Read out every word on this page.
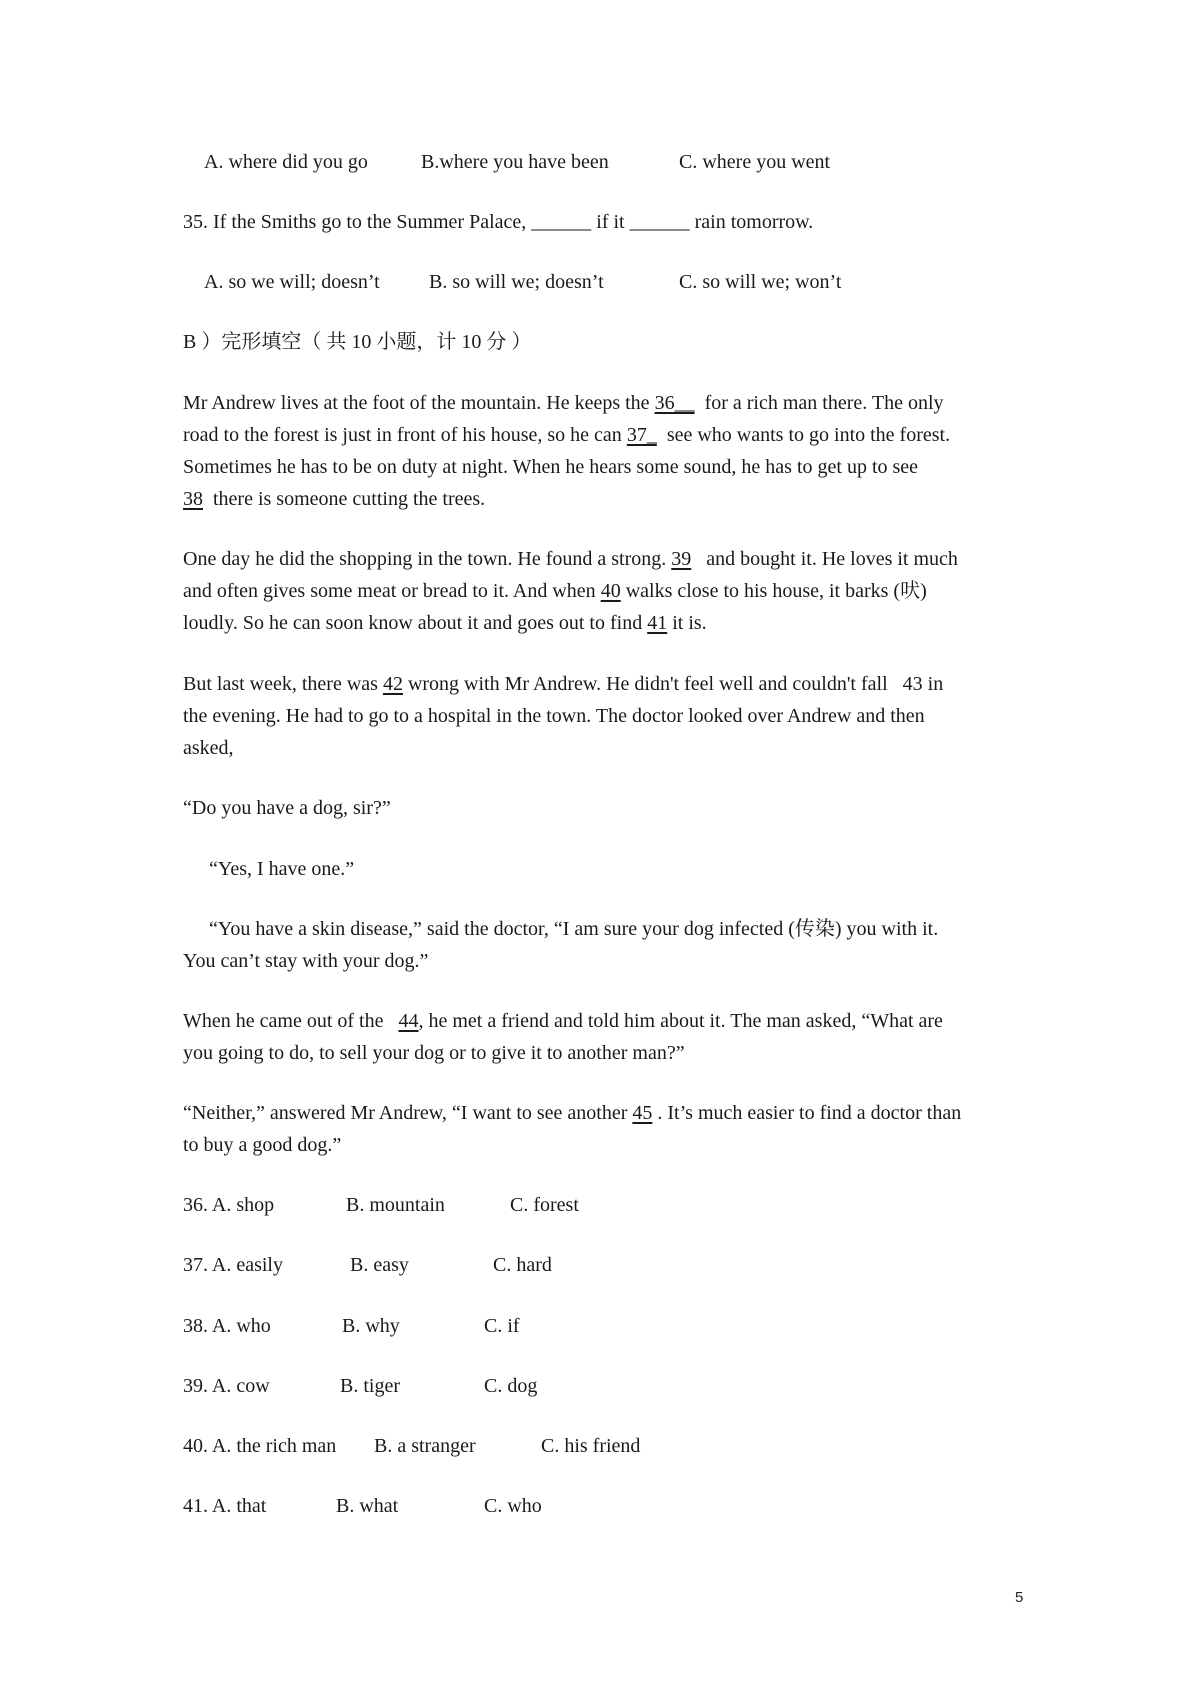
A. where did you go	B.where you have been	C. where you went
35. If the Smiths go to the Summer Palace, ______ if it ______ rain tomorrow.
A. so we will; doesn’t B. so will we; doesn’t	C. so will we; won’t
B ）完形填空（ 共 10 小题，计 10 分 ）
Mr Andrew lives at the foot of the mountain. He keeps the 36__  for a rich man there. The only
road to the forest is just in front of his house, so he can 37_  see who wants to go into the forest.
Sometimes he has to be on duty at night. When he hears some sound, he has to get up to see
38  there is someone cutting the trees.
One day he did the shopping in the town. He found a strong. 39   and bought it. He loves it much
and often gives some meat or bread to it. And when 40 walks close to his house, it barks (吠)
loudly. So he can soon know about it and goes out to find 41 it is.
But last week, there was 42 wrong with Mr Andrew. He didn't feel well and couldn't fall   43 in
the evening. He had to go to a hospital in the town. The doctor looked over Andrew and then
asked,
“Do you have a dog, sir?”
“Yes, I have one.”
“You have a skin disease,” said the doctor, “I am sure your dog infected (传染) you with it.
You can’t stay with your dog.”
When he came out of the   44, he met a friend and told him about it. The man asked, “What are
you going to do, to sell your dog or to give it to another man?”
“Neither,” answered Mr Andrew, “I want to see another 45 . It’s much easier to find a doctor than
to buy a good dog.”
36. A. shop	B. mountain	C. forest
37. A. easily	B. easy	C. hard
38. A. who	B. why	C. if
39. A. cow	B. tiger	C. dog
40. A. the rich man B. a stranger	C. his friend
41. A. that	B. what	C. who
5
